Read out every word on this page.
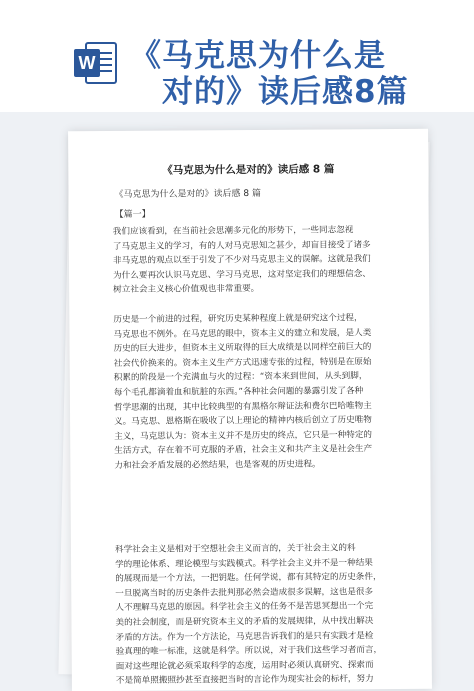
W 《马克思为什么是
对的》读后感8篇
《马克思为什么是对的》读后感 8 篇
《马克思为什么是对的》读后感 8 篇
【篇一】
我们应该看到，在当前社会思潮多元化的形势下，一些同志忽视
了马克思主义的学习，有的人对马克思知之甚少，却盲目接受了诸多
非马克思的观点以至于引发了不少对马克思主义的误解。这就是我们
为什么要再次认识马克思、学习马克思，这对坚定我们的理想信念、
树立社会主义核心价值观也非常重要。
历史是一个前进的过程，研究历史某种程度上就是研究这个过程，
马克思也不例外。在马克思的眼中，资本主义的建立和发展，是人类
历史的巨大进步，但资本主义所取得的巨大成绩是以同样空前巨大的
社会代价换来的。资本主义生产方式迅速专张的过程，特别是在原始
积累的阶段是一个充满血与火的过程：“资本来到世间，从头到脚，
每个毛孔都滴着血和肮脏的东西。”各种社会问题的暴露引发了各种
哲学思潮的出现，其中比较典型的有黑格尔辩证法和费尔巴哈唯物主
义。马克思、恩格斯在吸收了以上理论的精神内核后创立了历史唯物
主义，马克思认为：资本主义并不是历史的终点，它只是一种特定的
生活方式，存在着不可克服的矛盾，社会主义和共产主义是社会生产
力和社会矛盾发展的必然结果，也是客观的历史进程。
科学社会主义是相对于空想社会主义而言的，关于社会主义的科
学的理论体系、理论模型与实践模式。科学社会主义并不是一种结果
的展现而是一个方法，一把钥匙。任何学说，都有其特定的历史条件，
一旦脱离当时的历史条件去批判那必然会造成很多误解，这也是很多
人不理解马克思的原因。科学社会主义的任务不是苦思冥想出一个完
美的社会制度，而是研究资本主义的矛盾的发展规律，从中找出解决
矛盾的方法。作为一个方法论，马克思告诉我们的是只有实践才是检
验真理的唯一标准，这就是科学。所以说，对于我们这些学习者而言，
面对这些理论就必须采取科学的态度，运用时必须认真研究、探索而
不是简单照搬照抄甚至直接把当时的言论作为现实社会的标杆，努力
